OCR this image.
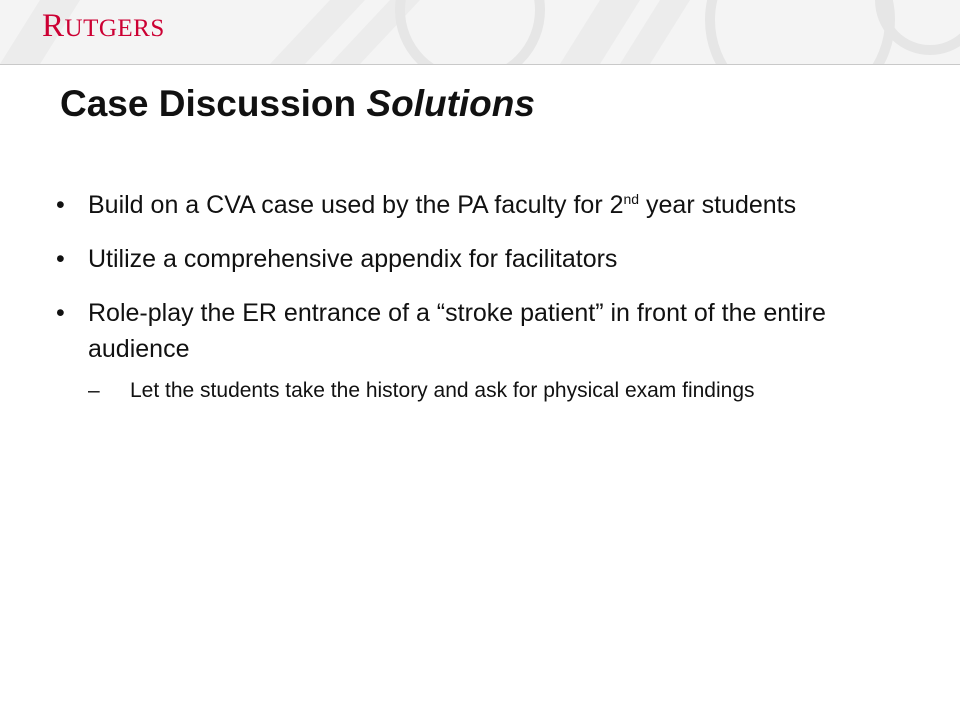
RUTGERS
Case Discussion Solutions
• Build on a CVA case used by the PA faculty for 2nd year students
• Utilize a comprehensive appendix for facilitators
• Role-play the ER entrance of a “stroke patient” in front of the entire audience
– Let the students take the history and ask for physical exam findings
